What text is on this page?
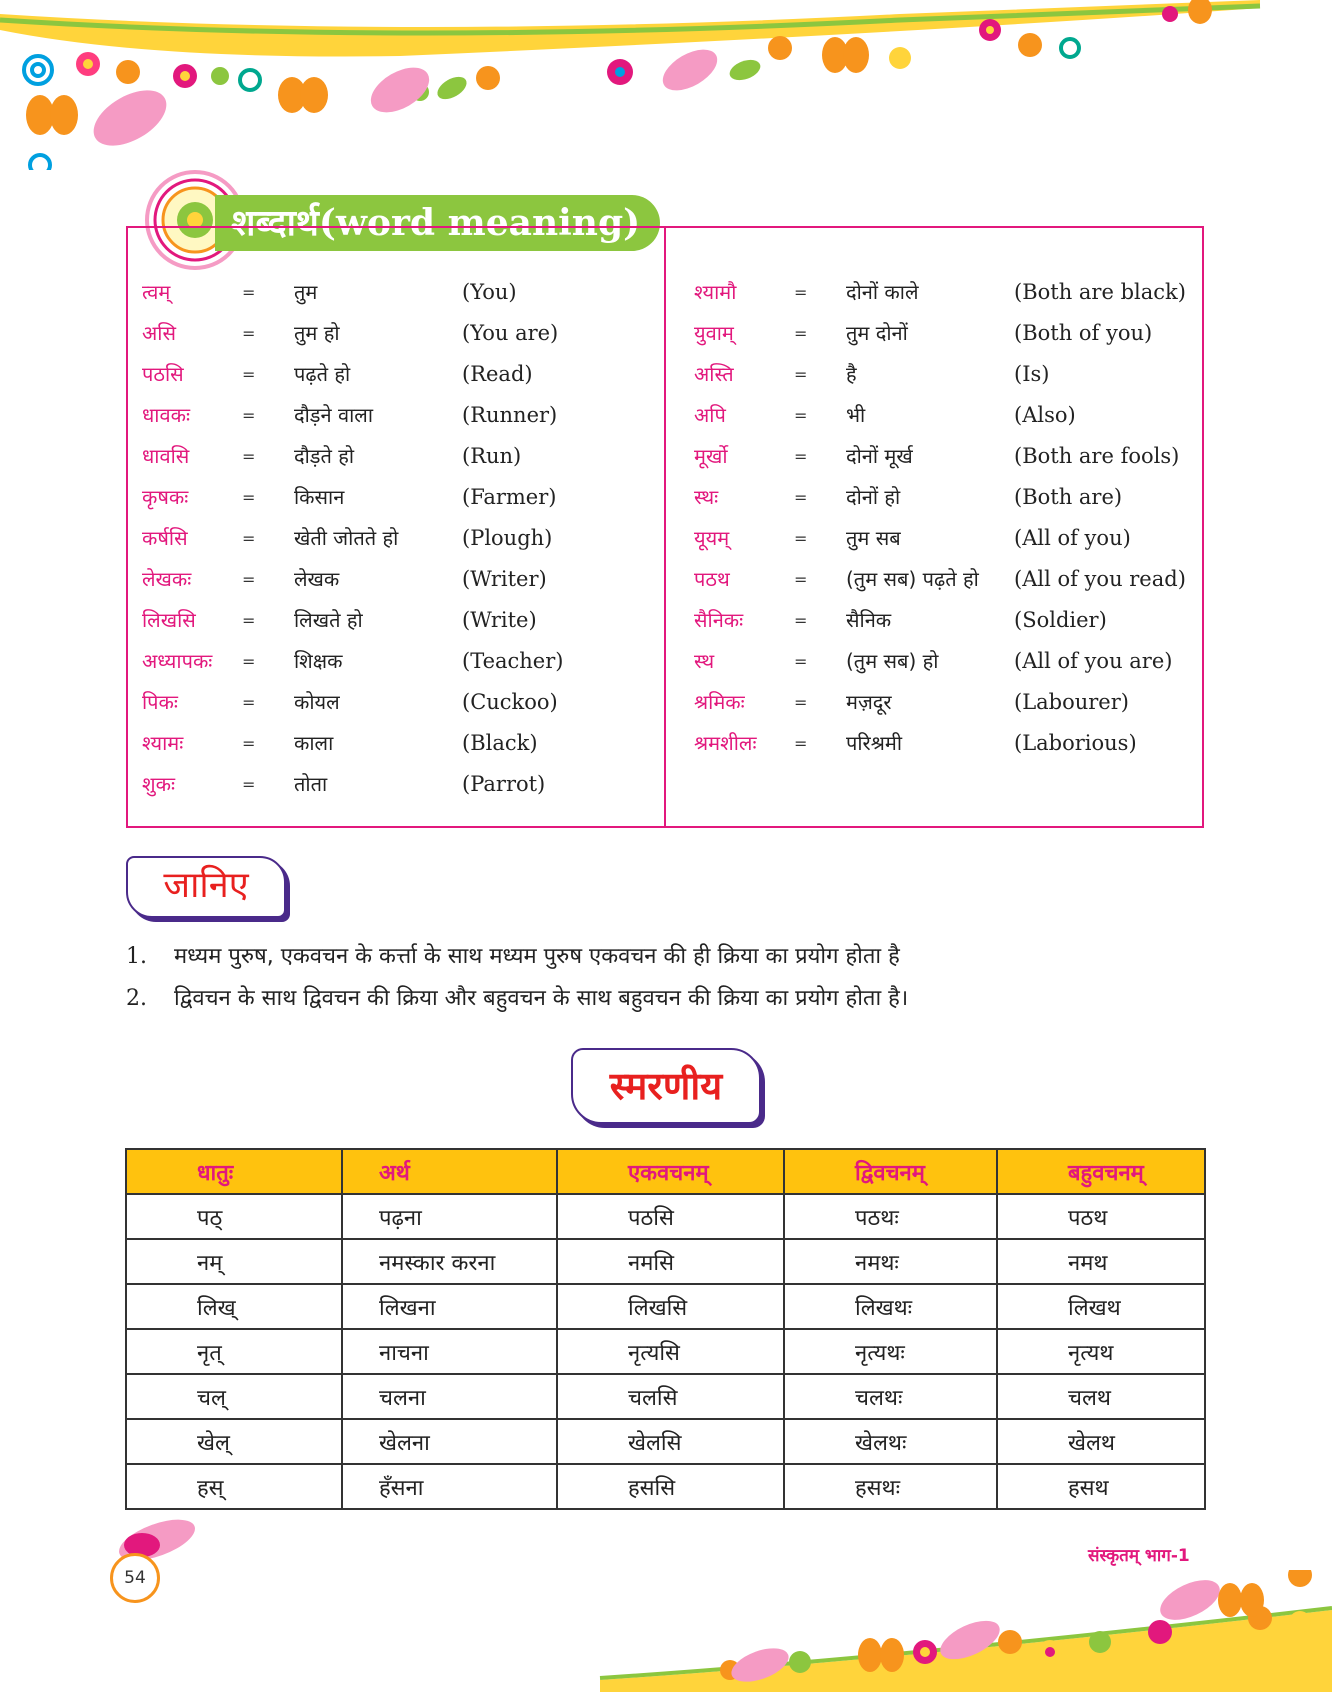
शब्दार्थ(word meaning)
त्वम्	= तुम	(You)
असि	= तुम हो	(You are)
पठसि	= पढ़ते हो	(Read)
धावकः	= दौड़ने वाला	(Runner)
धावसि	= दौड़ते हो	(Run)
कृषकः	= किसान	(Farmer)
कर्षसि	= खेती जोतते हो	(Plough)
लेखकः	= लेखक	(Writer)
लिखसि	= लिखते हो	(Write)
अध्यापकः = शिक्षक	(Teacher)
पिकः	= कोयल	(Cuckoo)
श्यामः	= काला	(Black)
शुकः	= तोता	(Parrot)
श्यामौ	= दोनों काले	(Both are black)
युवाम्	= तुम दोनों	(Both of you)
अस्ति	= है	(Is)
अपि	= भी	(Also)
मूर्खो	= दोनों मूर्ख	(Both are fools)
स्थः	= दोनों हो	(Both are)
यूयम्	= तुम सब	(All of you)
पठथ	= (तुम सब) पढ़ते हो (All of you read)
सैनिकः	= सैनिक	(Soldier)
स्थ	= (तुम सब) हो	(All of you are)
श्रमिकः	= मज़दूर	(Labourer)
श्रमशीलः = परिश्रमी	(Laborious)
जानिए
1. मध्यम पुरुष, एकवचन के कर्त्ता के साथ मध्यम पुरुष एकवचन की ही क्रिया का प्रयोग होता है
2. द्विवचन के साथ द्विवचन की क्रिया और बहुवचन के साथ बहुवचन की क्रिया का प्रयोग होता है।
स्मरणीय
धातुः	अर्थ	एकवचनम्	द्विवचनम्	बहुवचनम्
पठ्	पढ़ना	पठसि	पठथः	पठथ
नम्	नमस्कार करना	नमसि	नमथः	नमथ
लिख्	लिखना	लिखसि	लिखथः	लिखथ
नृत्	नाचना	नृत्यसि	नृत्यथः	नृत्यथ
चल्	चलना	चलसि	चलथः	चलथ
खेल्	खेलना	खेलसि	खेलथः	खेलथ
हस्	हँसना	हससि	हसथः	हसथ
54
संस्कृतम् भाग-1
